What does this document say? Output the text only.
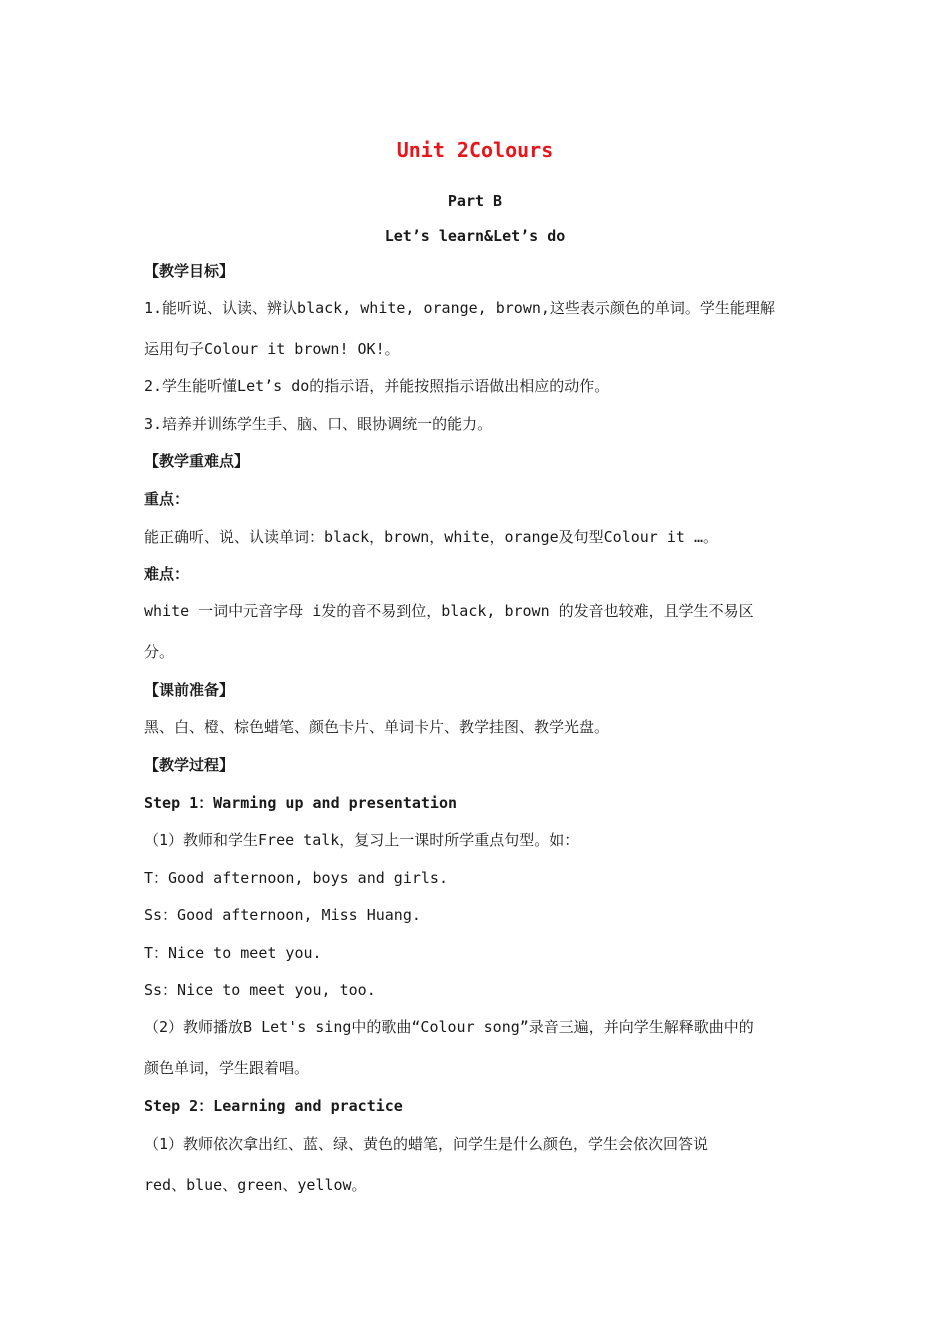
Unit 2Colours
Part B
Let’s learn&Let’s do
【教学目标】
1.能听说、认读、辨认black, white, orange, brown,这些表示颜色的单词。学生能理解
运用句子Colour it brown! OK!。
2.学生能听懂Let’s do的指示语，并能按照指示语做出相应的动作。
3.培养并训练学生手、脑、口、眼协调统一的能力。
【教学重难点】
重点：
能正确听、说、认读单词：black，brown，white，orange及句型Colour it …。
难点：
white 一词中元音字母 i发的音不易到位，black, brown 的发音也较难，且学生不易区
分。
【课前准备】
黑、白、橙、棕色蜡笔、颜色卡片、单词卡片、教学挂图、教学光盘。
【教学过程】
Step 1：Warming up and presentation
（1）教师和学生Free talk，复习上一课时所学重点句型。如：
T：Good afternoon, boys and girls.
Ss：Good afternoon, Miss Huang.
T：Nice to meet you.
Ss：Nice to meet you, too.
（2）教师播放B Let's sing中的歌曲“Colour song”录音三遍，并向学生解释歌曲中的
颜色单词，学生跟着唱。
Step 2：Learning and practice
（1）教师依次拿出红、蓝、绿、黄色的蜡笔，问学生是什么颜色，学生会依次回答说
red、blue、green、yellow。
